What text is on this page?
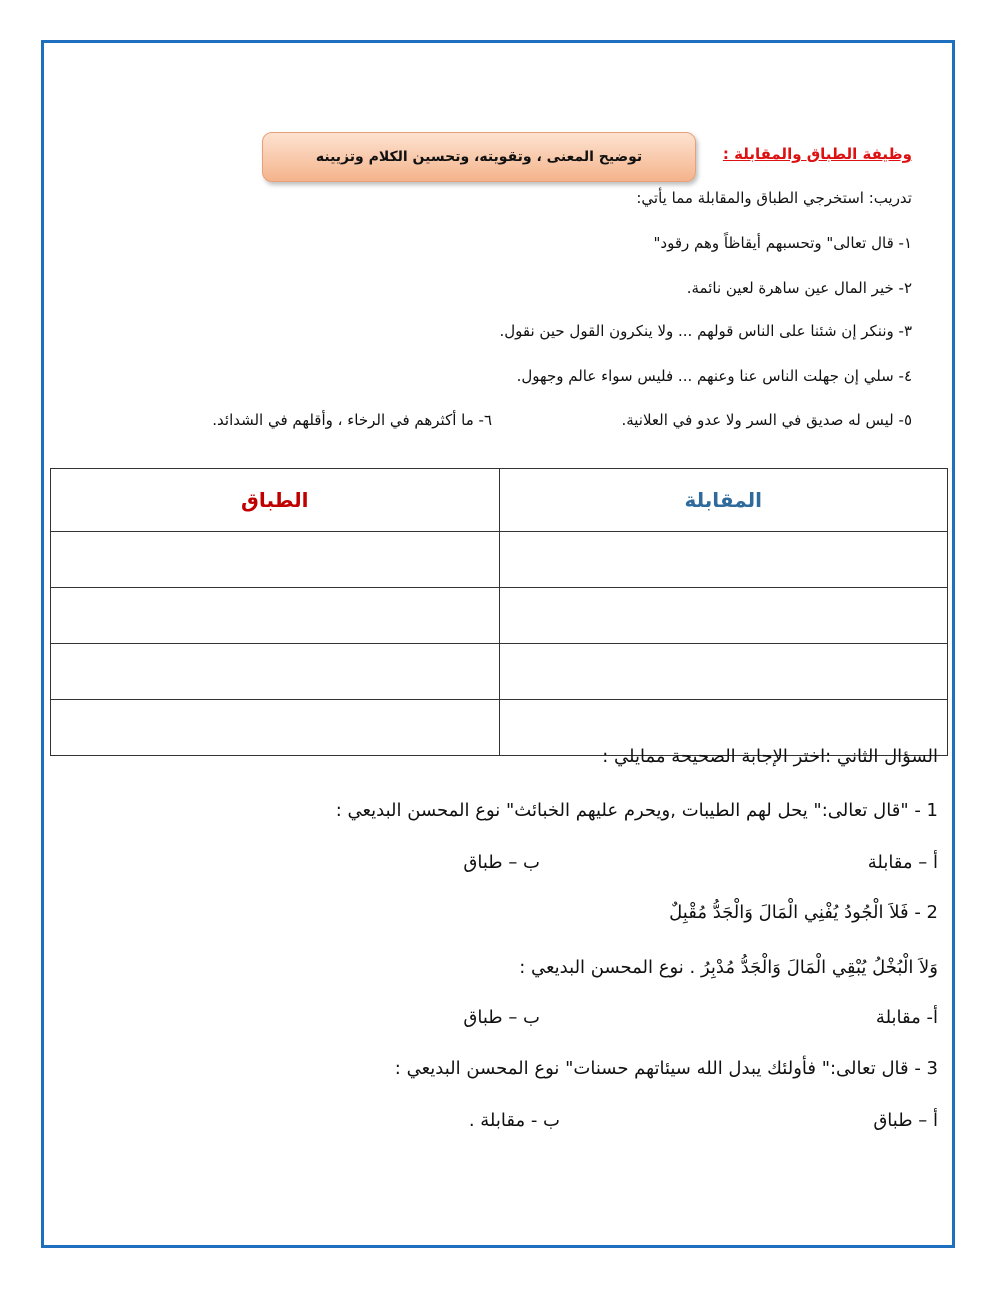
وظيفة الطباق والمقابلة :
توضيح المعنى ، وتقويته، وتحسين الكلام وتزيينه
تدريب: استخرجي الطباق والمقابلة مما يأتي:
١- قال تعالى" وتحسبهم أيقاظاً وهم رقود"
٢- خير المال عين ساهرة لعين نائمة.
٣- وننكر إن شئنا على الناس قولهم ... ولا ينكرون القول حين نقول.
٤- سلي إن جهلت الناس عنا وعنهم ... فليس سواء عالم وجهول.
٥- ليس له صديق في السر ولا عدو في العلانية.
٦- ما أكثرهم في الرخاء ، وأقلهم في الشدائد.
الطباق	المقابلة

السؤال الثاني :اختر الإجابة الصحيحة ممايلي :
1 - "قال تعالى:" يحل لهم الطيبات ,ويحرم عليهم الخبائث" نوع المحسن البديعي :
أ – مقابلة
ب – طباق
2 - فَلاَ الْجُودُ يُفْنِي الْمَالَ وَالْجَدُّ مُقْبِلٌ
وَلاَ الْبُخْلُ يُبْقِي الْمَالَ وَالْجَدُّ مُدْبِرُ . نوع المحسن البديعي :
أ- مقابلة
ب – طباق
3 - قال تعالى:" فأولئك يبدل الله سيئاتهم حسنات" نوع المحسن البديعي :
أ – طباق
ب - مقابلة .
